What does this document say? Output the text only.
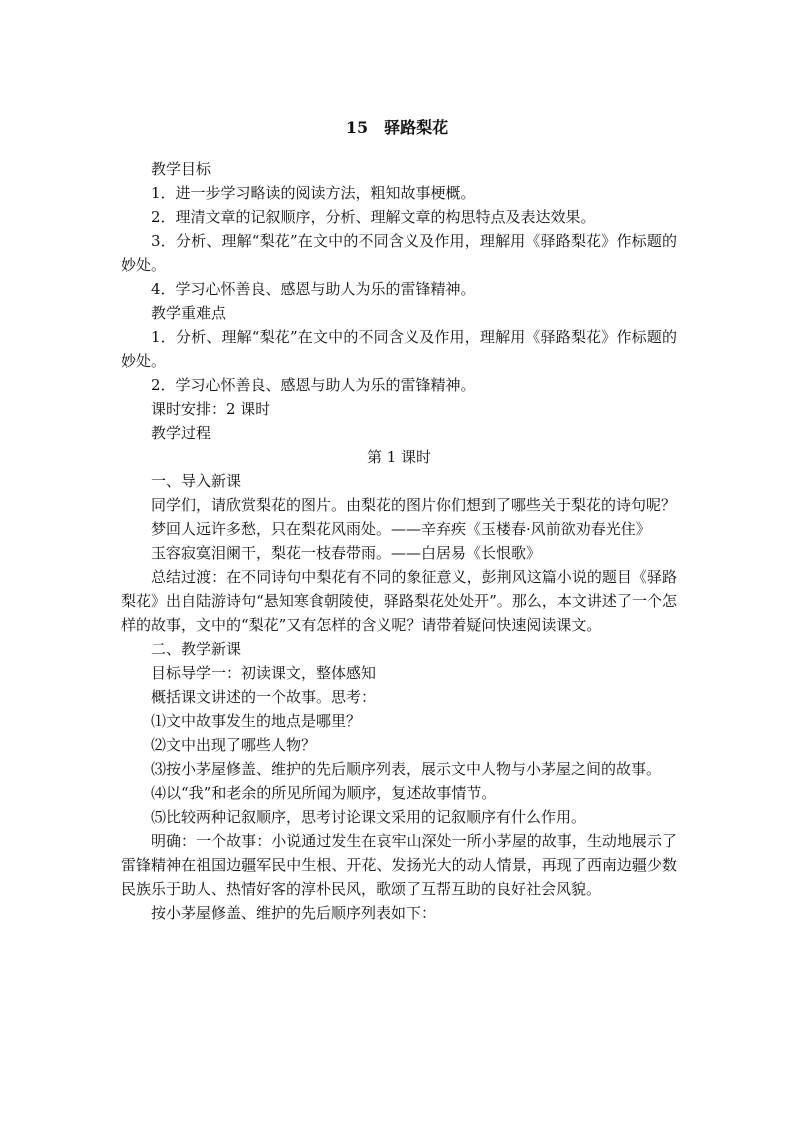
15　驿路梨花

教学目标

1．进一步学习略读的阅读方法，粗知故事梗概。

2．理清文章的记叙顺序，分析、理解文章的构思特点及表达效果。

3．分析、理解“梨花”在文中的不同含义及作用，理解用《驿路梨花》作标题的妙处。

4．学习心怀善良、感恩与助人为乐的雷锋精神。

教学重难点

1．分析、理解“梨花”在文中的不同含义及作用，理解用《驿路梨花》作标题的妙处。

2．学习心怀善良、感恩与助人为乐的雷锋精神。

课时安排：2 课时

教学过程

第 1 课时

一、导入新课

同学们，请欣赏梨花的图片。由梨花的图片你们想到了哪些关于梨花的诗句呢？

梦回人远许多愁，只在梨花风雨处。——辛弃疾《玉楼春·风前欲劝春光住》

玉容寂寞泪阑干，梨花一枝春带雨。——白居易《长恨歌》

总结过渡：在不同诗句中梨花有不同的象征意义，彭荆风这篇小说的题目《驿路梨花》出自陆游诗句“悬知寒食朝陵使，驿路梨花处处开”。那么，本文讲述了一个怎样的故事，文中的“梨花”又有怎样的含义呢？请带着疑问快速阅读课文。

二、教学新课

目标导学一：初读课文，整体感知

概括课文讲述的一个故事。思考：

⑴文中故事发生的地点是哪里？

⑵文中出现了哪些人物？

⑶按小茅屋修盖、维护的先后顺序列表，展示文中人物与小茅屋之间的故事。

⑷以“我”和老余的所见所闻为顺序，复述故事情节。

⑸比较两种记叙顺序，思考讨论课文采用的记叙顺序有什么作用。

明确：一个故事：小说通过发生在哀牢山深处一所小茅屋的故事，生动地展示了雷锋精神在祖国边疆军民中生根、开花、发扬光大的动人情景，再现了西南边疆少数民族乐于助人、热情好客的淳朴民风，歌颂了互帮互助的良好社会风貌。

按小茅屋修盖、维护的先后顺序列表如下：
